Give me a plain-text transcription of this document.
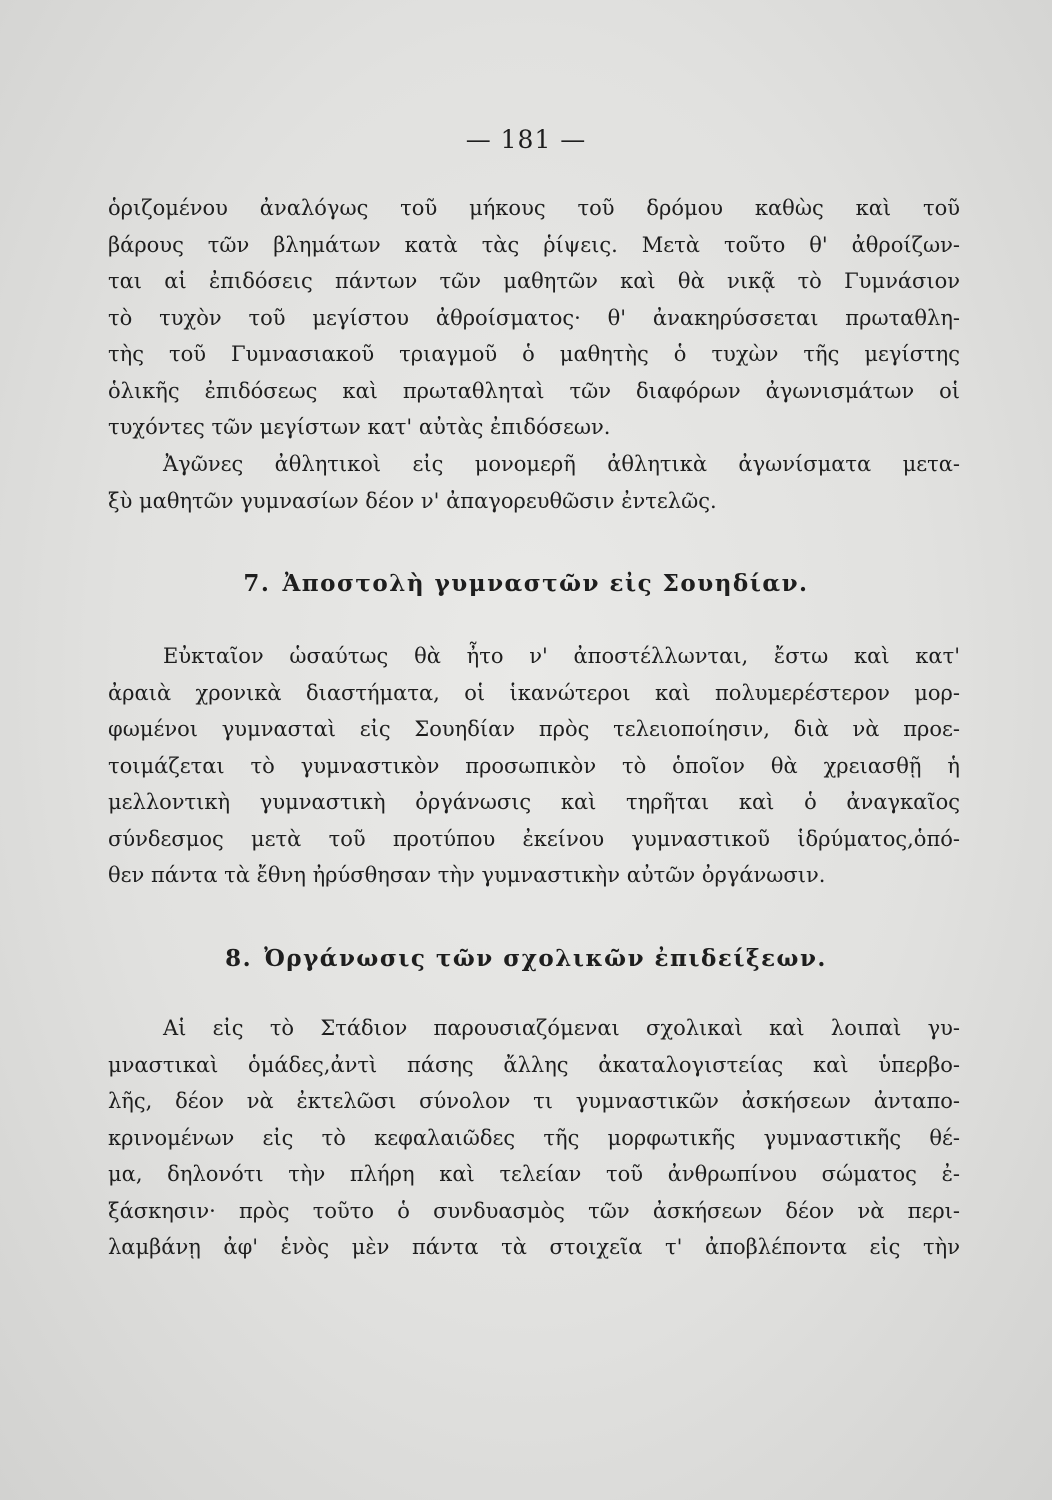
— 181 —
ὁριζομένου ἀναλόγως τοῦ μήκους τοῦ δρόμου καθὼς καὶ τοῦ
βάρους τῶν βλημάτων κατὰ τὰς ῥίψεις. Μετὰ τοῦτο θ' ἀθροίζων-
ται αἱ ἐπιδόσεις πάντων τῶν μαθητῶν καὶ θὰ νικᾷ τὸ Γυμνάσιον
τὸ τυχὸν τοῦ μεγίστου ἀθροίσματος· θ' ἀνακηρύσσεται πρωταθλη-
τὴς τοῦ Γυμνασιακοῦ τριαγμοῦ ὁ μαθητὴς ὁ τυχὼν τῆς μεγίστης
ὁλικῆς ἐπιδόσεως καὶ πρωταθληταὶ τῶν διαφόρων ἀγωνισμάτων οἱ
τυχόντες τῶν μεγίστων κατ' αὐτὰς ἐπιδόσεων.
Ἀγῶνες ἀθλητικοὶ εἰς μονομερῆ ἀθλητικὰ ἀγωνίσματα μετα-
ξὺ μαθητῶν γυμνασίων δέον ν' ἀπαγορευθῶσιν ἐντελῶς.
7. Ἀποστολὴ γυμναστῶν εἰς Σουηδίαν.
Εὐκταῖον ὡσαύτως θὰ ἦτο ν' ἀποστέλλωνται, ἔστω καὶ κατ'
ἀραιὰ χρονικὰ διαστήματα, οἱ ἱκανώτεροι καὶ πολυμερέστερον μορ-
φωμένοι γυμνασταὶ εἰς Σουηδίαν πρὸς τελειοποίησιν, διὰ νὰ προε-
τοιμάζεται τὸ γυμναστικὸν προσωπικὸν τὸ ὁποῖον θὰ χρειασθῇ ἡ
μελλοντικὴ γυμναστικὴ ὀργάνωσις καὶ τηρῆται καὶ ὁ ἀναγκαῖος
σύνδεσμος μετὰ τοῦ προτύπου ἐκείνου γυμναστικοῦ ἱδρύματος,ὁπό-
θεν πάντα τὰ ἔθνη ἠρύσθησαν τὴν γυμναστικὴν αὐτῶν ὀργάνωσιν.
8. Ὀργάνωσις τῶν σχολικῶν ἐπιδείξεων.
Αἱ εἰς τὸ Στάδιον παρουσιαζόμεναι σχολικαὶ καὶ λοιπαὶ γυ-
μναστικαὶ ὁμάδες,ἀντὶ πάσης ἄλλης ἀκαταλογιστείας καὶ ὑπερβο-
λῆς, δέον νὰ ἐκτελῶσι σύνολον τι γυμναστικῶν ἀσκήσεων ἀνταπο-
κρινομένων εἰς τὸ κεφαλαιῶδες τῆς μορφωτικῆς γυμναστικῆς θέ-
μα, δηλονότι τὴν πλήρη καὶ τελείαν τοῦ ἀνθρωπίνου σώματος ἐ-
ξάσκησιν· πρὸς τοῦτο ὁ συνδυασμὸς τῶν ἀσκήσεων δέον νὰ περι-
λαμβάνῃ ἀφ' ἑνὸς μὲν πάντα τὰ στοιχεῖα τ' ἀποβλέποντα εἰς τὴν
